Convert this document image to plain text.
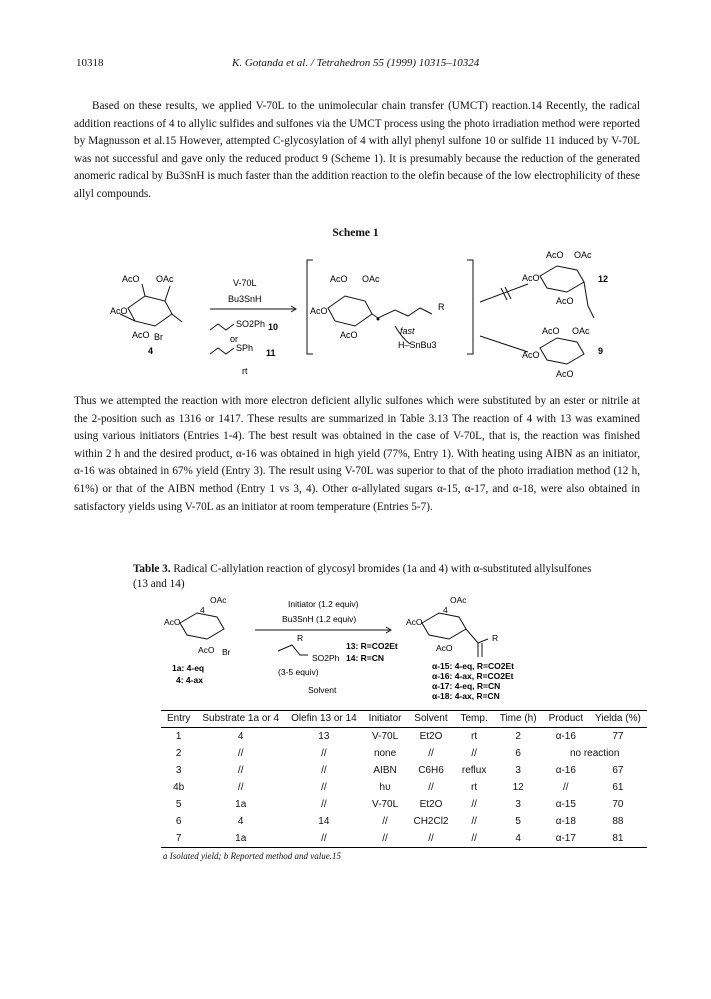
10318	K. Gotanda et al. / Tetrahedron 55 (1999) 10315–10324

Based on these results, we applied V-70L to the unimolecular chain transfer (UMCT) reaction.14 Recently, the radical addition reactions of 4 to allylic sulfides and sulfones via the UMCT process using the photo irradiation method were reported by Magnusson et al.15 However, attempted C-glycosylation of 4 with allyl phenyl sulfone 10 or sulfide 11 induced by V-70L was not successful and gave only the reduced product 9 (Scheme 1). It is presumably because the reduction of the generated anomeric radical by Bu3SnH is much faster than the addition reaction to the olefin because of the low electrophilicity of these allyl compounds.

Scheme 1
AcO OAc
AcO
AcO Br
4
V-70L
Bu3SnH
SO2Ph 10
or
SPh 11
rt
AcO OAc
AcO
AcO
R
fast
H–SnBu3
AcO OAc
AcO
AcO
12
AcO OAc
AcO
AcO
9

Thus we attempted the reaction with more electron deficient allylic sulfones which were substituted by an ester or nitrile at the 2-position such as 1316 or 1417. These results are summarized in Table 3.13 The reaction of 4 with 13 was examined using various initiators (Entries 1-4). The best result was obtained in the case of V-70L, that is, the reaction was finished within 2 h and the desired product, α-16 was obtained in high yield (77%, Entry 1). With heating using AIBN as an initiator, α-16 was obtained in 67% yield (Entry 3). The result using V-70L was superior to that of the photo irradiation method (12 h, 61%) or that of the AIBN method (Entry 1 vs 3, 4). Other α-allylated sugars α-15, α-17, and α-18, were also obtained in satisfactory yields using V-70L as an initiator at room temperature (Entries 5-7).

Table 3. Radical C-allylation reaction of glycosyl bromides (1a and 4) with α-substituted allylsulfones (13 and 14)
4
OAc
AcO
AcO Br
1a: 4-eq
4: 4-ax
Initiator (1.2 equiv)
Bu3SnH (1.2 equiv)
R
SO2Ph
13: R=CO2Et
14: R=CN
(3-5 equiv)
Solvent
4
OAc
AcO
AcO
R
α-15: 4-eq, R=CO2Et
α-16: 4-ax, R=CO2Et
α-17: 4-eq, R=CN
α-18: 4-ax, R=CN
Entry	Substrate 1a or 4	Olefin 13 or 14	Initiator	Solvent	Temp.	Time (h)	Product	Yielda (%)
1	4	13	V-70L	Et2O	rt	2	α-16	77
2	//	//	none	//	//	6	no reaction	
3	//	//	AIBN	C6H6	reflux	3	α-16	67
4b	//	//	hυ	//	rt	12	//	61
5	1a	//	V-70L	Et2O	//	3	α-15	70
6	4	14	//	CH2Cl2	//	5	α-18	88
7	1a	//	//	//	//	4	α-17	81
a Isolated yield; b Reported method and value.15
